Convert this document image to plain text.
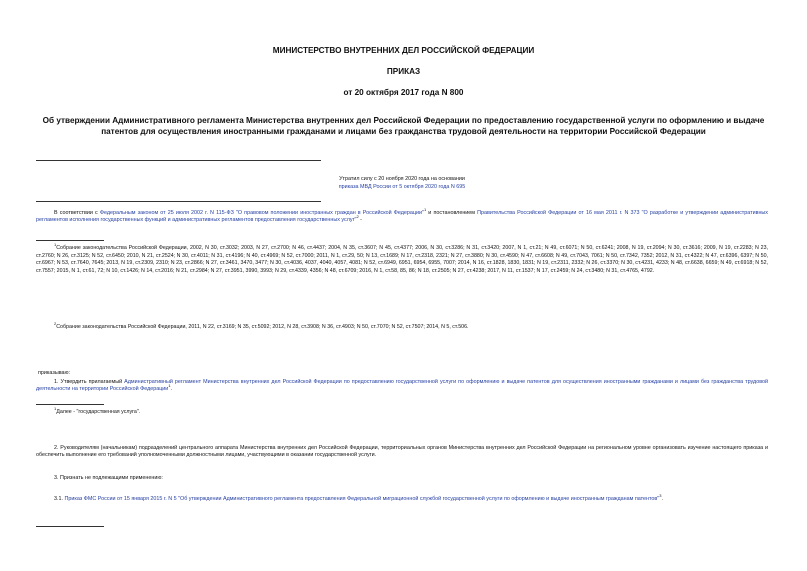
МИНИСТЕРСТВО ВНУТРЕННИХ ДЕЛ РОССИЙСКОЙ ФЕДЕРАЦИИ
ПРИКАЗ
от 20 октября 2017 года N 800
Об утверждении Административного регламента Министерства внутренних дел Российской Федерации по предоставлению государственной услуги по оформлению и выдаче патентов для осуществления иностранными гражданами и лицами без гражданства трудовой деятельности на территории Российской Федерации
Утратил силу с 20 ноября 2020 года на основании
приказа МВД России от 5 октября 2020 года N 695
В соответствии с Федеральным законом от 25 июля 2002 г. N 115-ФЗ "О правовом положении иностранных граждан в Российской Федерации"$^1$ и постановлением Правительства Российской Федерации от 16 мая 2011 г. N 373 "О разработке и утверждении административных регламентов исполнения государственных функций и административных регламентов предоставления государственных услуг"$^2$ -
$^1$Собрание законодательства Российской Федерации, 2002, N 30, ст.3032; 2003, N 27, ст.2700; N 46, ст.4437; 2004, N 35, ст.3607; N 45, ст.4377; 2006, N 30, ст.3286; N 31, ст.3420; 2007, N 1, ст.21; N 49, ст.6071; N 50, ст.6241; 2008, N 19, ст.2094; N 30, ст.3616; 2009, N 19, ст.2283; N 23, ст.2760; N 26, ст.3125; N 52, ст.6450; 2010, N 21, ст.2524; N 30, ст.4011; N 31, ст.4196; N 40, ст.4969; N 52, ст.7000; 2011, N 1, ст.29, 50; N 13, ст.1689; N 17, ст.2318, 2321; N 27, ст.3880; N 30, ст.4590; N 47, ст.6608; N 49, ст.7043, 7061; N 50, ст.7342, 7352; 2012, N 31, ст.4322; N 47, ст.6396, 6397; N 50, ст.6967; N 53, ст.7640, 7645; 2013, N 19, ст.2309, 2310; N 23, ст.2866; N 27, ст.3461, 3470, 3477; N 30, ст.4036, 4037, 4040, 4057, 4081; N 52, ст.6949, 6951, 6954, 6955, 7007; 2014, N 16, ст.1828, 1830, 1831; N 19, ст.2311, 2332; N 26, ст.3370; N 30, ст.4231, 4233; N 48, ст.6638, 6659; N 49, ст.6918; N 52, ст.7557; 2015, N 1, ст.61, 72; N 10, ст.1426; N 14, ст.2016; N 21, ст.2984; N 27, ст.3951, 3990, 3993; N 29, ст.4339, 4356; N 48, ст.6709; 2016, N 1, ст.58, 85, 86; N 18, ст.2505; N 27, ст.4238; 2017, N 11, ст.1537; N 17, ст.2459; N 24, ст.3480; N 31, ст.4765, 4792.
$^2$Собрание законодательства Российской Федерации, 2011, N 22, ст.3169; N 35, ст.5092; 2012, N 28, ст.3908; N 36, ст.4903; N 50, ст.7070; N 52, ст.7507; 2014, N 5, ст.506.
приказываю:
1. Утвердить прилагаемый Административный регламент Министерства внутренних дел Российской Федерации по предоставлению государственной услуги по оформлению и выдаче патентов для осуществления иностранными гражданами и лицами без гражданства трудовой деятельности на территории Российской Федерации$^1$.
$^1$Далее - "государственная услуга".
2. Руководителям (начальникам) подразделений центрального аппарата Министерства внутренних дел Российской Федерации, территориальных органов Министерства внутренних дел Российской Федерации на региональном уровне организовать изучение настоящего приказа и обеспечить выполнение его требований уполномоченными должностными лицами, участвующими в оказании государственной услуги.
3. Признать не подлежащими применению:
3.1. Приказ ФМС России от 15 января 2015 г. N 5 "Об утверждении Административного регламента предоставления Федеральной миграционной службой государственной услуги по оформлению и выдаче иностранным гражданам патентов"$^3$.
